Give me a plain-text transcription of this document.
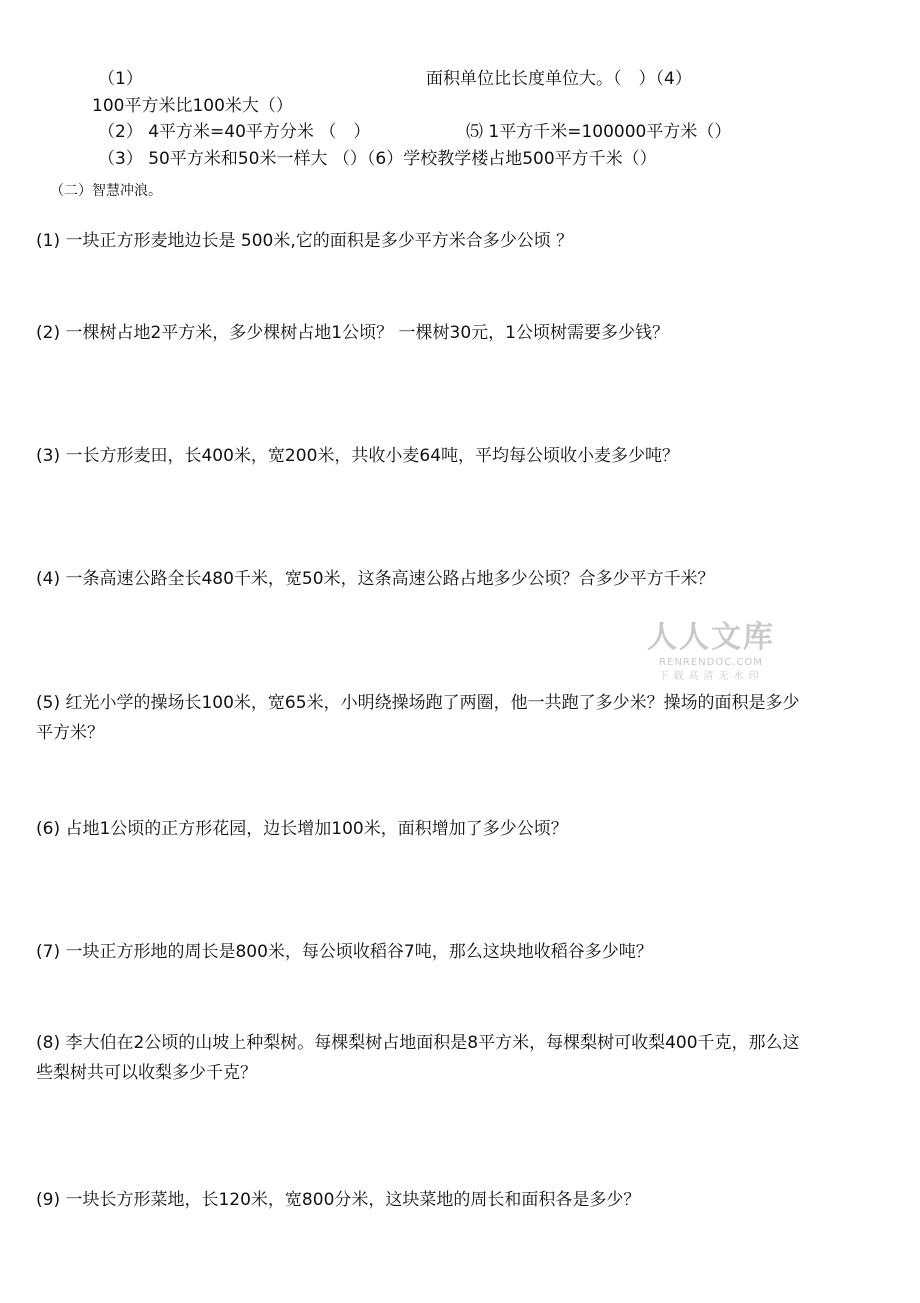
（1）	面积单位比长度单位大。（　）（4）
100平方米比100米大（）
（2） 4平方米=40平方分米 （　）	⑸ 1平方千米=100000平方米（）
（3） 50平方米和50米一样大 （）（6）学校教学楼占地500平方千米（）
（二）智慧冲浪。
(1) 一块正方形麦地边长是 500米,它的面积是多少平方米合多少公顷 ？
(2) 一棵树占地2平方米，多少棵树占地1公顷？ 一棵树30元，1公顷树需要多少钱？
(3) 一长方形麦田，长400米，宽200米，共收小麦64吨，平均每公顷收小麦多少吨？
(4) 一条高速公路全长480千米，宽50米，这条高速公路占地多少公顷？合多少平方千米？
(5) 红光小学的操场长100米，宽65米，小明绕操场跑了两圈，他一共跑了多少米？操场的面积是多少平方米？
(6) 占地1公顷的正方形花园，边长增加100米，面积增加了多少公顷？
(7) 一块正方形地的周长是800米，每公顷收稻谷7吨，那么这块地收稻谷多少吨？
(8) 李大伯在2公顷的山坡上种梨树。每棵梨树占地面积是8平方米，每棵梨树可收梨400千克，那么这些梨树共可以收梨多少千克？
(9) 一块长方形菜地，长120米，宽800分米，这块菜地的周长和面积各是多少？
人人文库
RENRENDOC.COM
下载高清无水印
